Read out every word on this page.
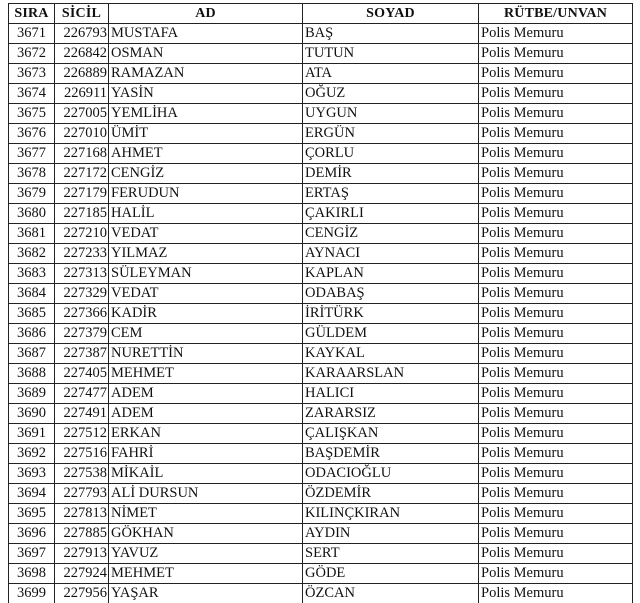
SIRA	SİCİL	AD	SOYAD	RÜTBE/UNVAN
3671	226793	MUSTAFA	BAŞ	Polis Memuru
3672	226842	OSMAN	TUTUN	Polis Memuru
3673	226889	RAMAZAN	ATA	Polis Memuru
3674	226911	YASİN	OĞUZ	Polis Memuru
3675	227005	YEMLİHA	UYGUN	Polis Memuru
3676	227010	ÜMİT	ERGÜN	Polis Memuru
3677	227168	AHMET	ÇORLU	Polis Memuru
3678	227172	CENGİZ	DEMİR	Polis Memuru
3679	227179	FERUDUN	ERTAŞ	Polis Memuru
3680	227185	HALİL	ÇAKIRLI	Polis Memuru
3681	227210	VEDAT	CENGİZ	Polis Memuru
3682	227233	YILMAZ	AYNACI	Polis Memuru
3683	227313	SÜLEYMAN	KAPLAN	Polis Memuru
3684	227329	VEDAT	ODABAŞ	Polis Memuru
3685	227366	KADİR	İRİTÜRK	Polis Memuru
3686	227379	CEM	GÜLDEM	Polis Memuru
3687	227387	NURETTİN	KAYKAL	Polis Memuru
3688	227405	MEHMET	KARAARSLAN	Polis Memuru
3689	227477	ADEM	HALICI	Polis Memuru
3690	227491	ADEM	ZARARSIZ	Polis Memuru
3691	227512	ERKAN	ÇALIŞKAN	Polis Memuru
3692	227516	FAHRİ	BAŞDEMİR	Polis Memuru
3693	227538	MİKAİL	ODACIOĞLU	Polis Memuru
3694	227793	ALİ DURSUN	ÖZDEMİR	Polis Memuru
3695	227813	NİMET	KILINÇKIRAN	Polis Memuru
3696	227885	GÖKHAN	AYDIN	Polis Memuru
3697	227913	YAVUZ	SERT	Polis Memuru
3698	227924	MEHMET	GÖDE	Polis Memuru
3699	227956	YAŞAR	ÖZCAN	Polis Memuru
